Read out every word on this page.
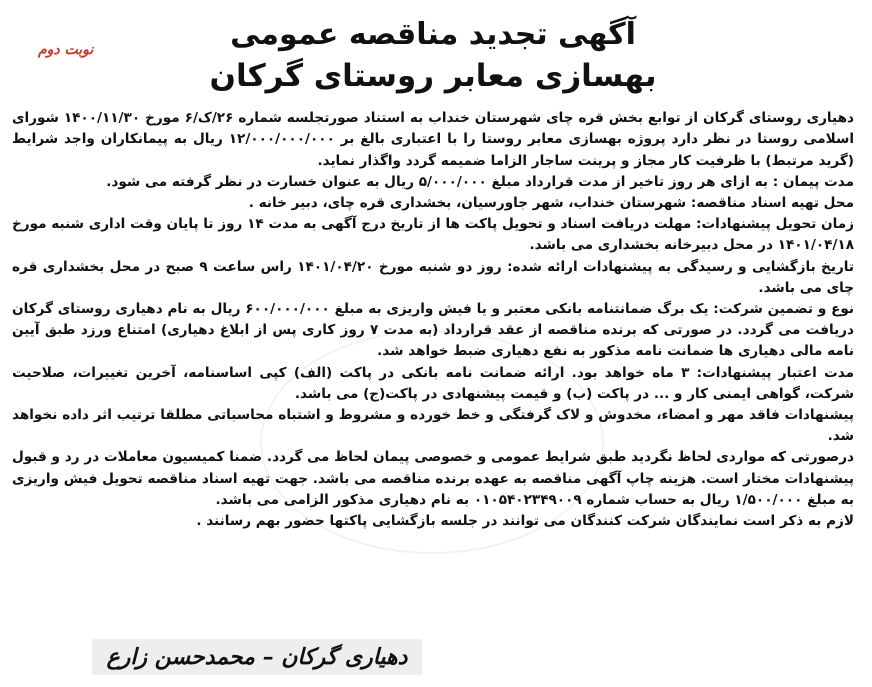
نوبت دوم	آگهی تجدید مناقصه عمومی
بهسازی معابر روستای گرکان

دهیاری روستای گرکان از توابع بخش قره چای شهرستان خنداب به استناد صورتجلسه شماره ۲۶/ک/۶ مورخ ۱۴۰۰/۱۱/۳۰ شورای اسلامی روستا در نظر دارد پروژه بهسازی معابر روستا را با اعتباری بالغ بر ۱۲/۰۰۰/۰۰۰/۰۰۰ ریال به پیمانکاران واجد شرایط (گرید مرتبط) با ظرفیت کار مجاز و پرینت ساجار الزاما ضمیمه گردد واگذار نماید.

مدت پیمان : به ازای هر روز تاخیر از مدت قرارداد مبلغ ۵/۰۰۰/۰۰۰ ریال به عنوان خسارت در نظر گرفته می شود.

محل تهیه اسناد مناقصه: شهرستان خنداب، شهر جاورسیان، بخشداری قره چای، دبیر خانه .

زمان تحویل پیشنهادات: مهلت دریافت اسناد و تحویل پاکت ها از تاریخ درج آگهی به مدت ۱۴ روز تا پایان وقت اداری شنبه مورخ ۱۴۰۱/۰۴/۱۸ در محل دبیرخانه بخشداری می باشد.

تاریخ بازگشایی و رسیدگی به پیشنهادات ارائه شده: روز دو شنبه مورخ ۱۴۰۱/۰۴/۲۰ راس ساعت ۹ صبح در محل بخشداری قره چای می باشد.

نوع و تضمین شرکت: یک برگ ضمانتنامه بانکی معتبر و یا فیش واریزی به مبلغ ۶۰۰/۰۰۰/۰۰۰ ریال به نام دهیاری روستای گرکان دریافت می گردد. در صورتی که برنده مناقصه از عقد قرارداد (به مدت ۷ روز کاری پس از ابلاغ دهیاری) امتناع ورزد طبق آیین نامه مالی دهیاری ها ضمانت نامه مذکور به نفع دهیاری ضبط خواهد شد.

مدت اعتبار پیشنهادات: ۳ ماه خواهد بود. ارائه ضمانت نامه بانکی در پاکت (الف) کپی اساسنامه، آخرین تغییرات، صلاحیت شرکت، گواهی ایمنی کار و ... در پاکت (ب) و قیمت پیشنهادی در پاکت(ج) می باشد.

پیشنهادات فاقد مهر و امضاء، مخدوش و لاک گرفتگی و خط خورده و مشروط و اشتباه محاسباتی مطلقا ترتیب اثر داده نخواهد شد.

درصورتی که مواردی لحاظ نگردید طبق شرایط عمومی و خصوصی پیمان لحاظ می گردد. ضمنا کمیسیون معاملات در رد و قبول پیشنهادات مختار است. هزینه چاپ آگهی مناقصه به عهده برنده مناقصه می باشد. جهت تهیه اسناد مناقصه تحویل فیش واریزی به مبلغ ۱/۵۰۰/۰۰۰ ریال به حساب شماره ۰۱۰۵۴۰۲۳۴۹۰۰۹ به نام دهیاری مذکور الزامی می باشد.

لازم به ذکر است نمایندگان شرکت کنندگان می توانند در جلسه بازگشایی پاکتها حضور بهم رسانند .

دهیاری گرکان – محمدحسن زارع
